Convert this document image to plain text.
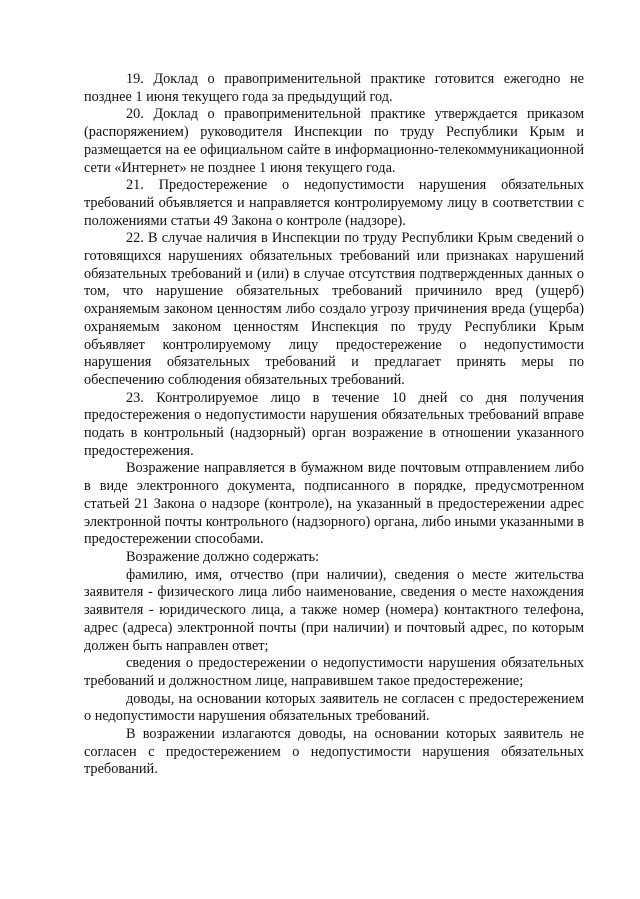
19. Доклад о правоприменительной практике готовится ежегодно не позднее 1 июня текущего года за предыдущий год.

20. Доклад о правоприменительной практике утверждается приказом (распоряжением) руководителя Инспекции по труду Республики Крым и размещается на ее официальном сайте в информационно-телекоммуникационной сети «Интернет» не позднее 1 июня текущего года.

21. Предостережение о недопустимости нарушения обязательных требований объявляется и направляется контролируемому лицу в соответствии с положениями статьи 49 Закона о контроле (надзоре).

22. В случае наличия в Инспекции по труду Республики Крым сведений о готовящихся нарушениях обязательных требований или признаках нарушений обязательных требований и (или) в случае отсутствия подтвержденных данных о том, что нарушение обязательных требований причинило вред (ущерб) охраняемым законом ценностям либо создало угрозу причинения вреда (ущерба) охраняемым законом ценностям Инспекция по труду Республики Крым объявляет контролируемому лицу предостережение о недопустимости нарушения обязательных требований и предлагает принять меры по обеспечению соблюдения обязательных требований.

23. Контролируемое лицо в течение 10 дней со дня получения предостережения о недопустимости нарушения обязательных требований вправе подать в контрольный (надзорный) орган возражение в отношении указанного предостережения.

Возражение направляется в бумажном виде почтовым отправлением либо в виде электронного документа, подписанного в порядке, предусмотренном статьей 21 Закона о надзоре (контроле), на указанный в предостережении адрес электронной почты контрольного (надзорного) органа, либо иными указанными в предостережении способами.

Возражение должно содержать:

фамилию, имя, отчество (при наличии), сведения о месте жительства заявителя - физического лица либо наименование, сведения о месте нахождения заявителя - юридического лица, а также номер (номера) контактного телефона, адрес (адреса) электронной почты (при наличии) и почтовый адрес, по которым должен быть направлен ответ;

сведения о предостережении о недопустимости нарушения обязательных требований и должностном лице, направившем такое предостережение;

доводы, на основании которых заявитель не согласен с предостережением о недопустимости нарушения обязательных требований.

В возражении излагаются доводы, на основании которых заявитель не согласен с предостережением о недопустимости нарушения обязательных требований.
